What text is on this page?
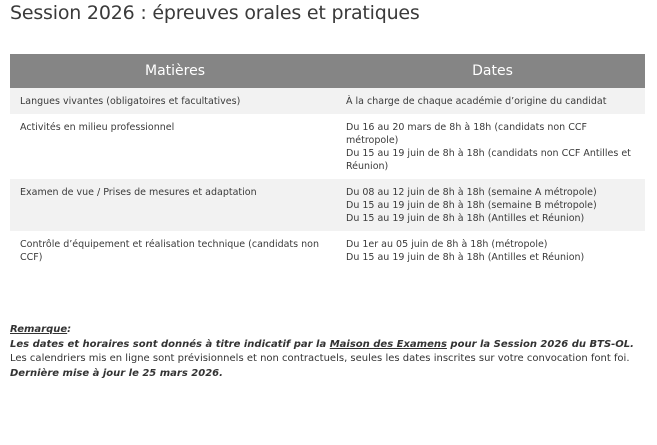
Session 2026 : épreuves orales et pratiques
Matières	Dates
Langues vivantes (obligatoires et facultatives)	À la charge de chaque académie d’origine du candidat

Activités en milieu professionnel	Du 16 au 20 mars de 8h à 18h (candidats non CCF métropole)
Du 15 au 19 juin de 8h à 18h (candidats non CCF Antilles et Réunion)

Examen de vue / Prises de mesures et adaptation	Du 08 au 12 juin de 8h à 18h (semaine A métropole)
Du 15 au 19 juin de 8h à 18h (semaine B métropole)
Du 15 au 19 juin de 8h à 18h (Antilles et Réunion)

Contrôle d’équipement et réalisation technique (candidats non CCF)	Du 1er au 05 juin de 8h à 18h (métropole)
Du 15 au 19 juin de 8h à 18h (Antilles et Réunion)

Remarque:

Les dates et horaires sont donnés à titre indicatif par la Maison des Examens pour la Session 2026 du BTS-OL.

Les calendriers mis en ligne sont prévisionnels et non contractuels, seules les dates inscrites sur votre convocation font foi.

Dernière mise à jour le 25 mars 2026.
